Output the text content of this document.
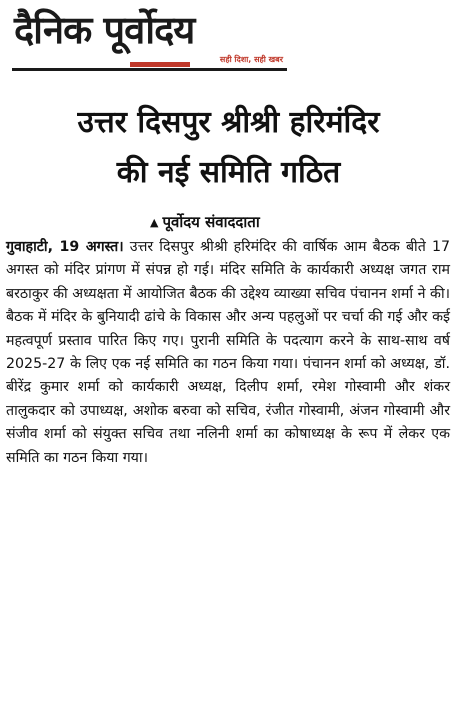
दैनिक पूर्वोदय
सही दिशा, सही खबर
उत्तर दिसपुर श्रीश्री हरिमंदिर
की नई समिति गठित
▲ पूर्वोदय संवाददाता
गुवाहाटी, 19 अगस्त। उत्तर दिसपुर श्रीश्री हरिमंदिर की वार्षिक आम बैठक बीते 17 अगस्त को मंदिर प्रांगण में संपन्न हो गई। मंदिर समिति के कार्यकारी अध्यक्ष जगत राम बरठाकुर की अध्यक्षता में आयोजित बैठक की उद्देश्य व्याख्या सचिव पंचानन शर्मा ने की। बैठक में मंदिर के बुनियादी ढांचे के विकास और अन्य पहलुओं पर चर्चा की गई और कई महत्वपूर्ण प्रस्ताव पारित किए गए। पुरानी समिति के पदत्याग करने के साथ-साथ वर्ष 2025-27 के लिए एक नई समिति का गठन किया गया। पंचानन शर्मा को अध्यक्ष, डॉ. बीरेंद्र कुमार शर्मा को कार्यकारी अध्यक्ष, दिलीप शर्मा, रमेश गोस्वामी और शंकर तालुकदार को उपाध्यक्ष, अशोक बरुवा को सचिव, रंजीत गोस्वामी, अंजन गोस्वामी और संजीव शर्मा को संयुक्त सचिव तथा नलिनी शर्मा का कोषाध्यक्ष के रूप में लेकर एक समिति का गठन किया गया।
